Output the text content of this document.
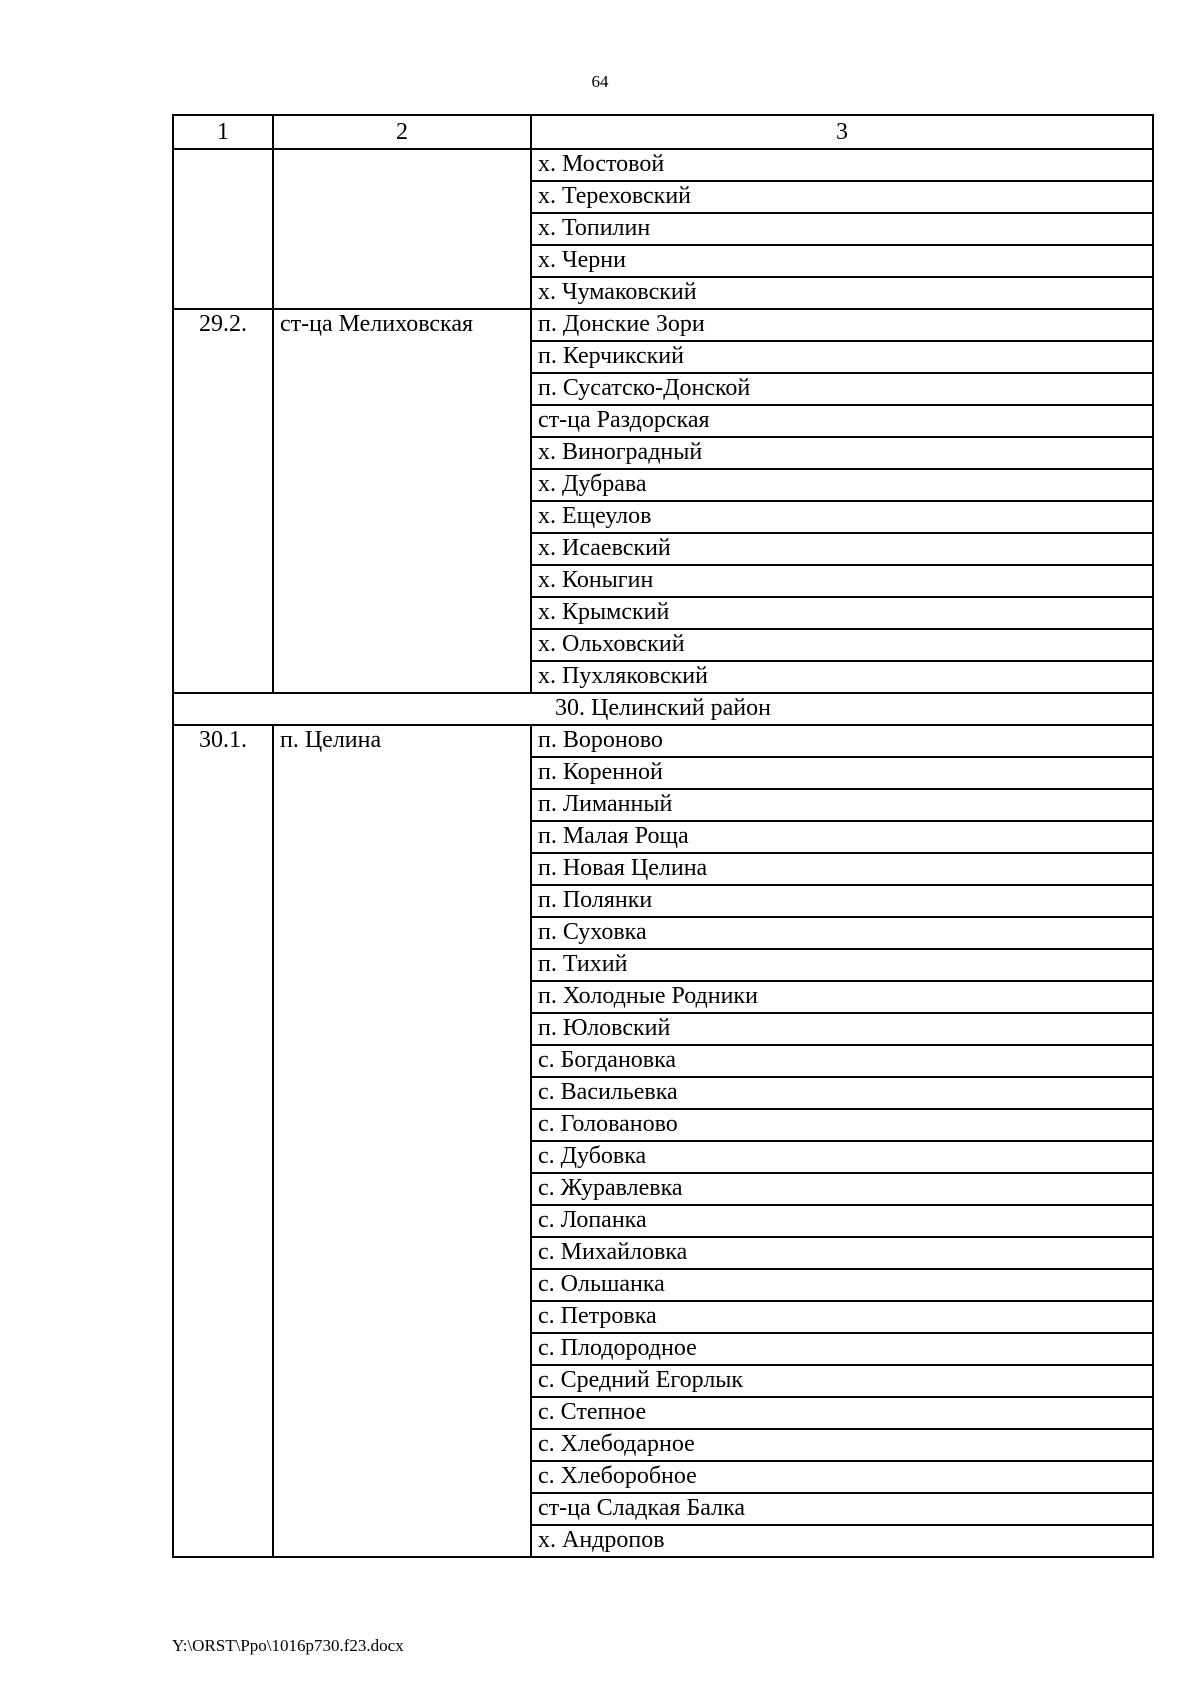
64
1	2	3
		х. Мостовой
		х. Тереховский
		х. Топилин
		х. Черни
		х. Чумаковский
29.2.	ст-ца Мелиховская	п. Донские Зори
		п. Керчикский
		п. Сусатско-Донской
		ст-ца Раздорская
		х. Виноградный
		х. Дубрава
		х. Ещеулов
		х. Исаевский
		х. Коныгин
		х. Крымский
		х. Ольховский
		х. Пухляковский
30. Целинский район		
30.1.	п. Целина	п. Вороново
		п. Коренной
		п. Лиманный
		п. Малая Роща
		п. Новая Целина
		п. Полянки
		п. Суховка
		п. Тихий
		п. Холодные Родники
		п. Юловский
		с. Богдановка
		с. Васильевка
		с. Голованово
		с. Дубовка
		с. Журавлевка
		с. Лопанка
		с. Михайловка
		с. Ольшанка
		с. Петровка
		с. Плодородное
		с. Средний Егорлык
		с. Степное
		с. Хлебодарное
		с. Хлеборобное
		ст-ца Сладкая Балка
		х. Андропов
Y:\ORST\Ppo\1016p730.f23.docx
